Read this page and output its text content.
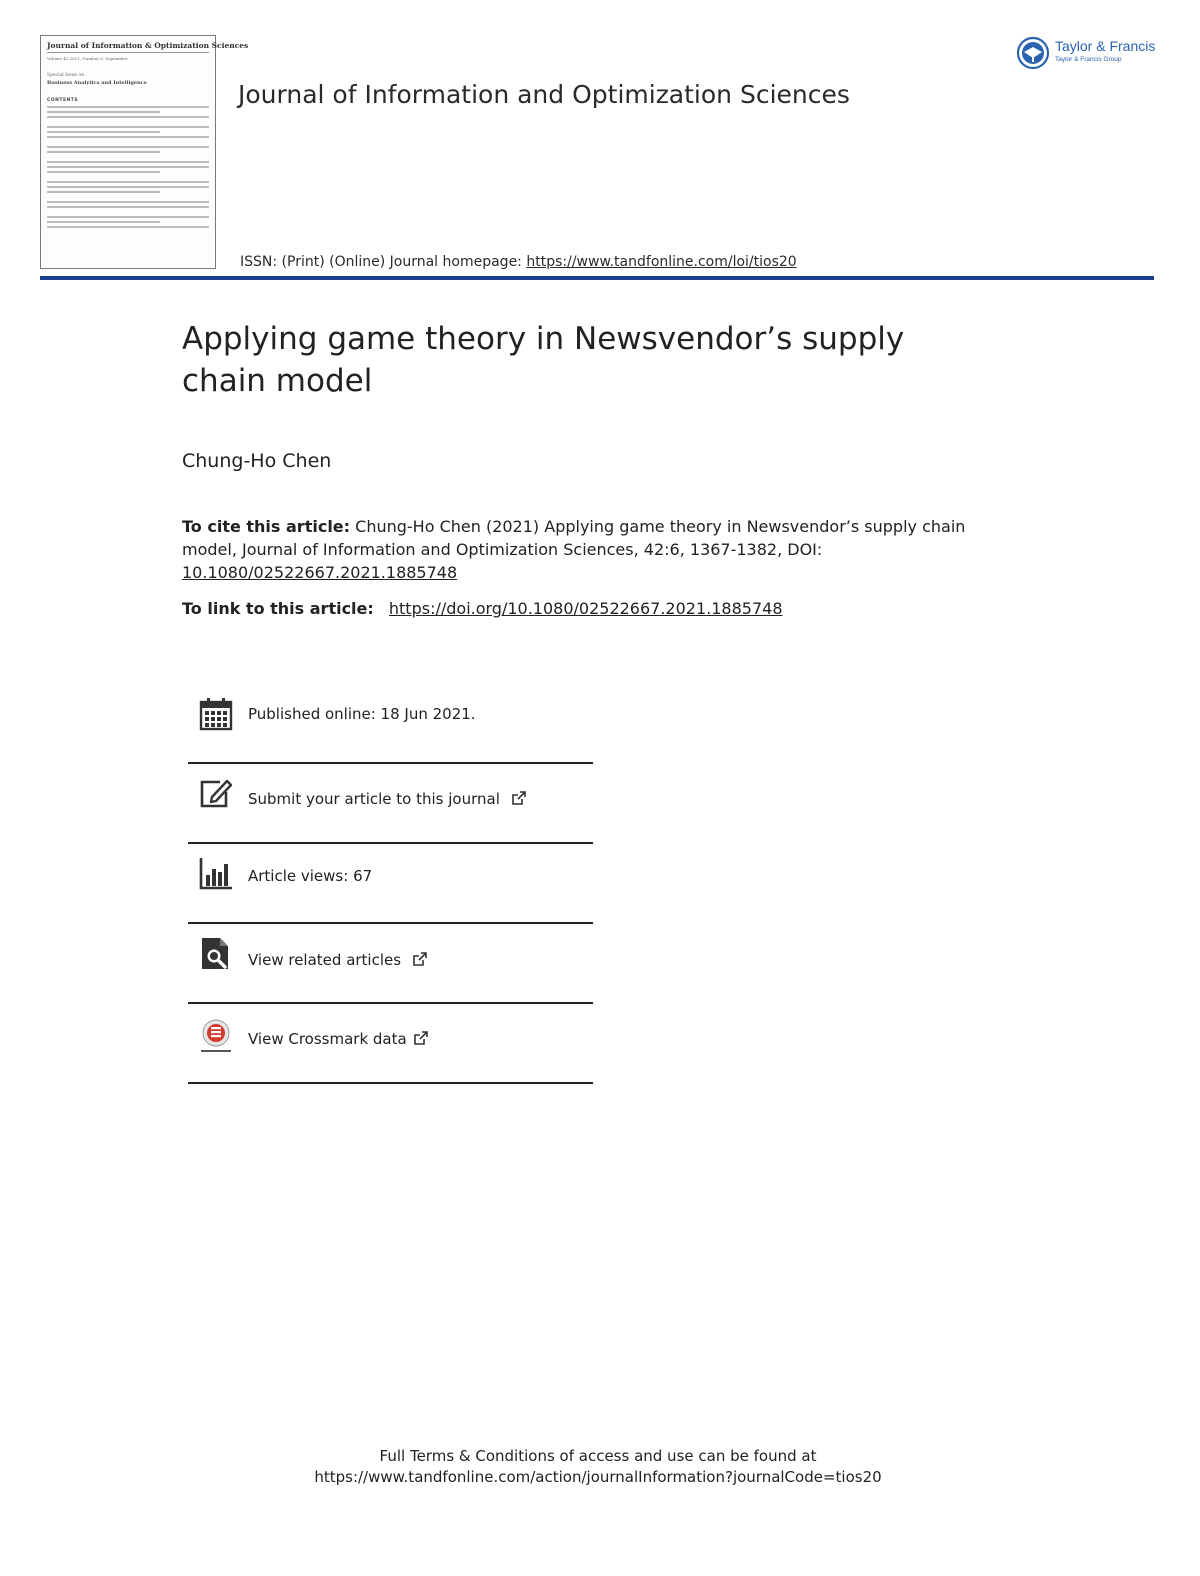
Journal of Information & Optimization Sciences
Volume 42 2021, Number 6, September
Special Issue on
Business Analytics and Intelligence
CONTENTS
Taylor & Francis
Taylor & Francis Group
Journal of Information and Optimization Sciences
ISSN: (Print) (Online) Journal homepage: https://www.tandfonline.com/loi/tios20
Applying game theory in Newsvendor’s supply chain model
Chung-Ho Chen
To cite this article: Chung-Ho Chen (2021) Applying game theory in Newsvendor’s supply chain model, Journal of Information and Optimization Sciences, 42:6, 1367-1382, DOI: 10.1080/02522667.2021.1885748
To link to this article: https://doi.org/10.1080/02522667.2021.1885748
Published online: 18 Jun 2021.
Submit your article to this journal
Article views: 67
View related articles
View Crossmark data
Full Terms & Conditions of access and use can be found at
https://www.tandfonline.com/action/journalInformation?journalCode=tios20
